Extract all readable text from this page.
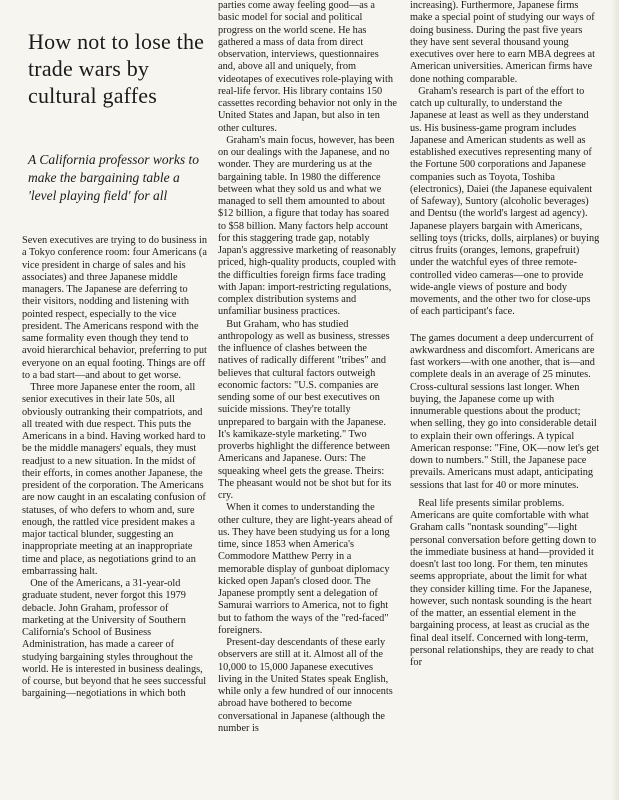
How not to lose the trade wars by cultural gaffes
A California professor works to make the bargaining table a 'level playing field' for all

Seven executives are trying to do business in a Tokyo conference room: four Americans (a vice president in charge of sales and his associates) and three Japanese middle managers. The Japanese are deferring to their visitors, nodding and listening with pointed respect, especially to the vice president. The Americans respond with the same formality even though they tend to avoid hierarchical behavior, preferring to put everyone on an equal footing. Things are off to a bad start—and about to get worse.

Three more Japanese enter the room, all senior executives in their late 50s, all obviously outranking their compatriots, and all treated with due respect. This puts the Americans in a bind. Having worked hard to be the middle managers' equals, they must readjust to a new situation. In the midst of their efforts, in comes another Japanese, the president of the corporation. The Americans are now caught in an escalating confusion of statuses, of who defers to whom and, sure enough, the rattled vice president makes a major tactical blunder, suggesting an inappropriate meeting at an inappropriate time and place, as negotiations grind to an embarrassing halt.

One of the Americans, a 31-year-old graduate student, never forgot this 1979 debacle. John Graham, professor of marketing at the University of Southern California's School of Business Administration, has made a career of studying bargaining styles throughout the world. He is interested in business dealings, of course, but beyond that he sees successful bargaining—negotiations in which both

parties come away feeling good—as a basic model for social and political progress on the world scene. He has gathered a mass of data from direct observation, interviews, questionnaires and, above all and uniquely, from videotapes of executives role-playing with real-life fervor. His library contains 150 cassettes recording behavior not only in the United States and Japan, but also in ten other cultures.

Graham's main focus, however, has been on our dealings with the Japanese, and no wonder. They are murdering us at the bargaining table. In 1980 the difference between what they sold us and what we managed to sell them amounted to about $12 billion, a figure that today has soared to $58 billion. Many factors help account for this staggering trade gap, notably Japan's aggressive marketing of reasonably priced, high-quality products, coupled with the difficulties foreign firms face trading with Japan: import-restricting regulations, complex distribution systems and unfamiliar business practices.

But Graham, who has studied anthropology as well as business, stresses the influence of clashes between the natives of radically different "tribes" and believes that cultural factors outweigh economic factors: "U.S. companies are sending some of our best executives on suicide missions. They're totally unprepared to bargain with the Japanese. It's kamikaze-style marketing." Two proverbs highlight the difference between Americans and Japanese. Ours: The squeaking wheel gets the grease. Theirs: The pheasant would not be shot but for its cry.

When it comes to understanding the other culture, they are light-years ahead of us. They have been studying us for a long time, since 1853 when America's Commodore Matthew Perry in a memorable display of gunboat diplomacy kicked open Japan's closed door. The Japanese promptly sent a delegation of Samurai warriors to America, not to fight but to fathom the ways of the "red-faced" foreigners.

Present-day descendants of these early observers are still at it. Almost all of the 10,000 to 15,000 Japanese executives living in the United States speak English, while only a few hundred of our innocents abroad have bothered to become conversational in Japanese (although the number is

increasing). Furthermore, Japanese firms make a special point of studying our ways of doing business. During the past five years they have sent several thousand young executives over here to earn MBA degrees at American universities. American firms have done nothing comparable.

Graham's research is part of the effort to catch up culturally, to understand the Japanese at least as well as they understand us. His business-game program includes Japanese and American students as well as established executives representing many of the Fortune 500 corporations and Japanese companies such as Toyota, Toshiba (electronics), Daiei (the Japanese equivalent of Safeway), Suntory (alcoholic beverages) and Dentsu (the world's largest ad agency). Japanese players bargain with Americans, selling toys (tricks, dolls, airplanes) or buying citrus fruits (oranges, lemons, grapefruit) under the watchful eyes of three remote-controlled video cameras—one to provide wide-angle views of posture and body movements, and the other two for close-ups of each participant's face.

The games document a deep undercurrent of awkwardness and discomfort. Americans are fast workers—with one another, that is—and complete deals in an average of 25 minutes. Cross-cultural sessions last longer. When buying, the Japanese come up with innumerable questions about the product; when selling, they go into considerable detail to explain their own offerings. A typical American response: "Fine, OK—now let's get down to numbers." Still, the Japanese pace prevails. Americans must adapt, anticipating sessions that last for 40 or more minutes.

Real life presents similar problems. Americans are quite comfortable with what Graham calls "nontask sounding"—light personal conversation before getting down to the immediate business at hand—provided it doesn't last too long. For them, ten minutes seems appropriate, about the limit for what they consider killing time. For the Japanese, however, such nontask sounding is the heart of the matter, an essential element in the bargaining process, at least as crucial as the final deal itself. Concerned with long-term, personal relationships, they are ready to chat for
